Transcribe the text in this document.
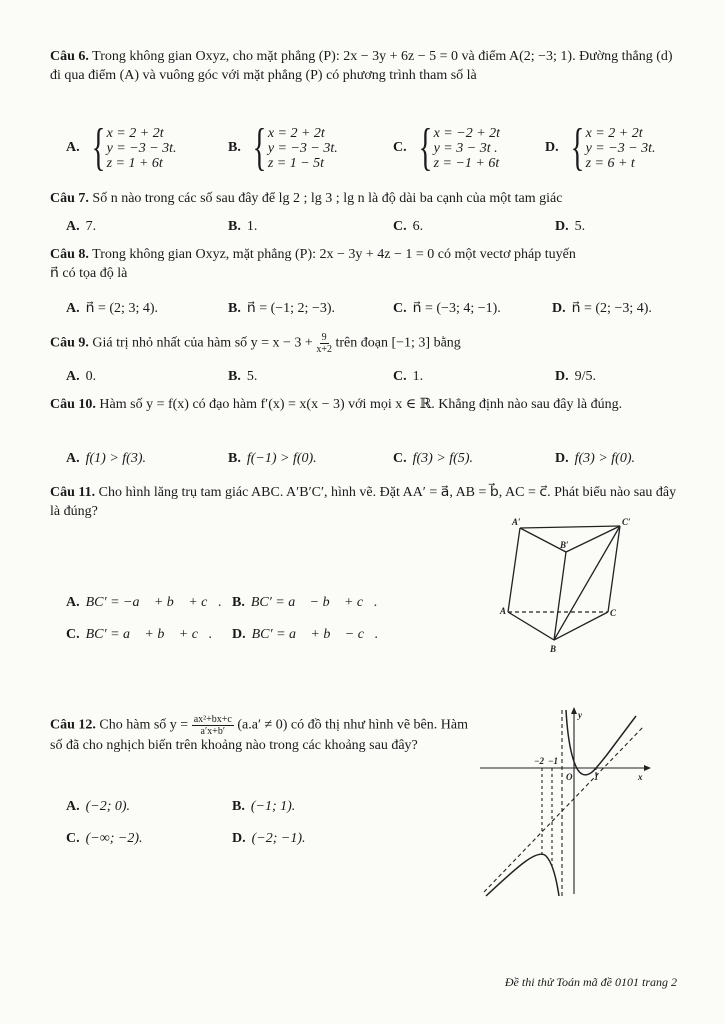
Câu 6. Trong không gian Oxyz, cho mặt phẳng (P): 2x − 3y + 6z − 5 = 0 và điểm A(2; −3; 1). Đường thẳng (d) đi qua điểm (A) và vuông góc với mặt phẳng (P) có phương trình tham số là
A. { x = 2 + 2t
y = −3 − 3t.
z = 1 + 6t
B. { x = 2 + 2t
y = −3 − 3t.
z = 1 − 5t
C. { x = −2 + 2t
y = 3 − 3t .
z = −1 + 6t
D. { x = 2 + 2t
y = −3 − 3t.
z = 6 + t
Câu 7. Số n nào trong các số sau đây để lg 2 ; lg 3 ; lg n là độ dài ba cạnh của một tam giác
A. 7.	B. 1.	C. 6.	D. 5.
Câu 8. Trong không gian Oxyz, mặt phẳng (P): 2x − 3y + 4z − 1 = 0 có một vectơ pháp tuyến
n⃗ có tọa độ là
A. n⃗ = (2; 3; 4).	B. n⃗ = (−1; 2; −3).	C. n⃗ = (−3; 4; −1).	D. n⃗ = (2; −3; 4).
Câu 9. Giá trị nhỏ nhất của hàm số $y = x - 3 + \frac{9}{x+2}$ trên đoạn [−1; 3] bằng
A. 0.	B. 5.	C. 1.	D. 9/5.
Câu 10. Hàm số y = f(x) có đạo hàm f′(x) = x(x − 3) với mọi x ∈ ℝ. Khẳng định nào sau đây là đúng.
A. f(1) > f(3).	B. f(−1) > f(0).	C. f(3) > f(5).	D. f(3) > f(0).
Câu 11. Cho hình lăng trụ tam giác ABC. A′B′C′, hình vẽ. Đặt AA′ = a⃗, AB = b⃗, AC = c⃗. Phát biểu nào sau đây là đúng?
A. BC′ = −a⃗ + b⃗ + c⃗. B. BC′ = a⃗ − b⃗ + c⃗.
C. BC′ = a⃗ + b⃗ + c⃗. D. BC′ = a⃗ + b⃗ − c⃗.
A′	C′
B′
A	C
B
Câu 12. Cho hàm số $y = \frac{\text{ax²+bx+c}}{a'x+b'} (a.a' \ne 0)$ có đồ thị như hình vẽ bên. Hàm số đã cho nghịch biến trên khoảng nào trong các khoảng sau đây?
A. (−2; 0).	B. (−1; 1).
C. (−∞; −2).	D. (−2; −1).
y
x
O
−2 −1
1
Đề thi thử Toán mã đề 0101 trang 2
